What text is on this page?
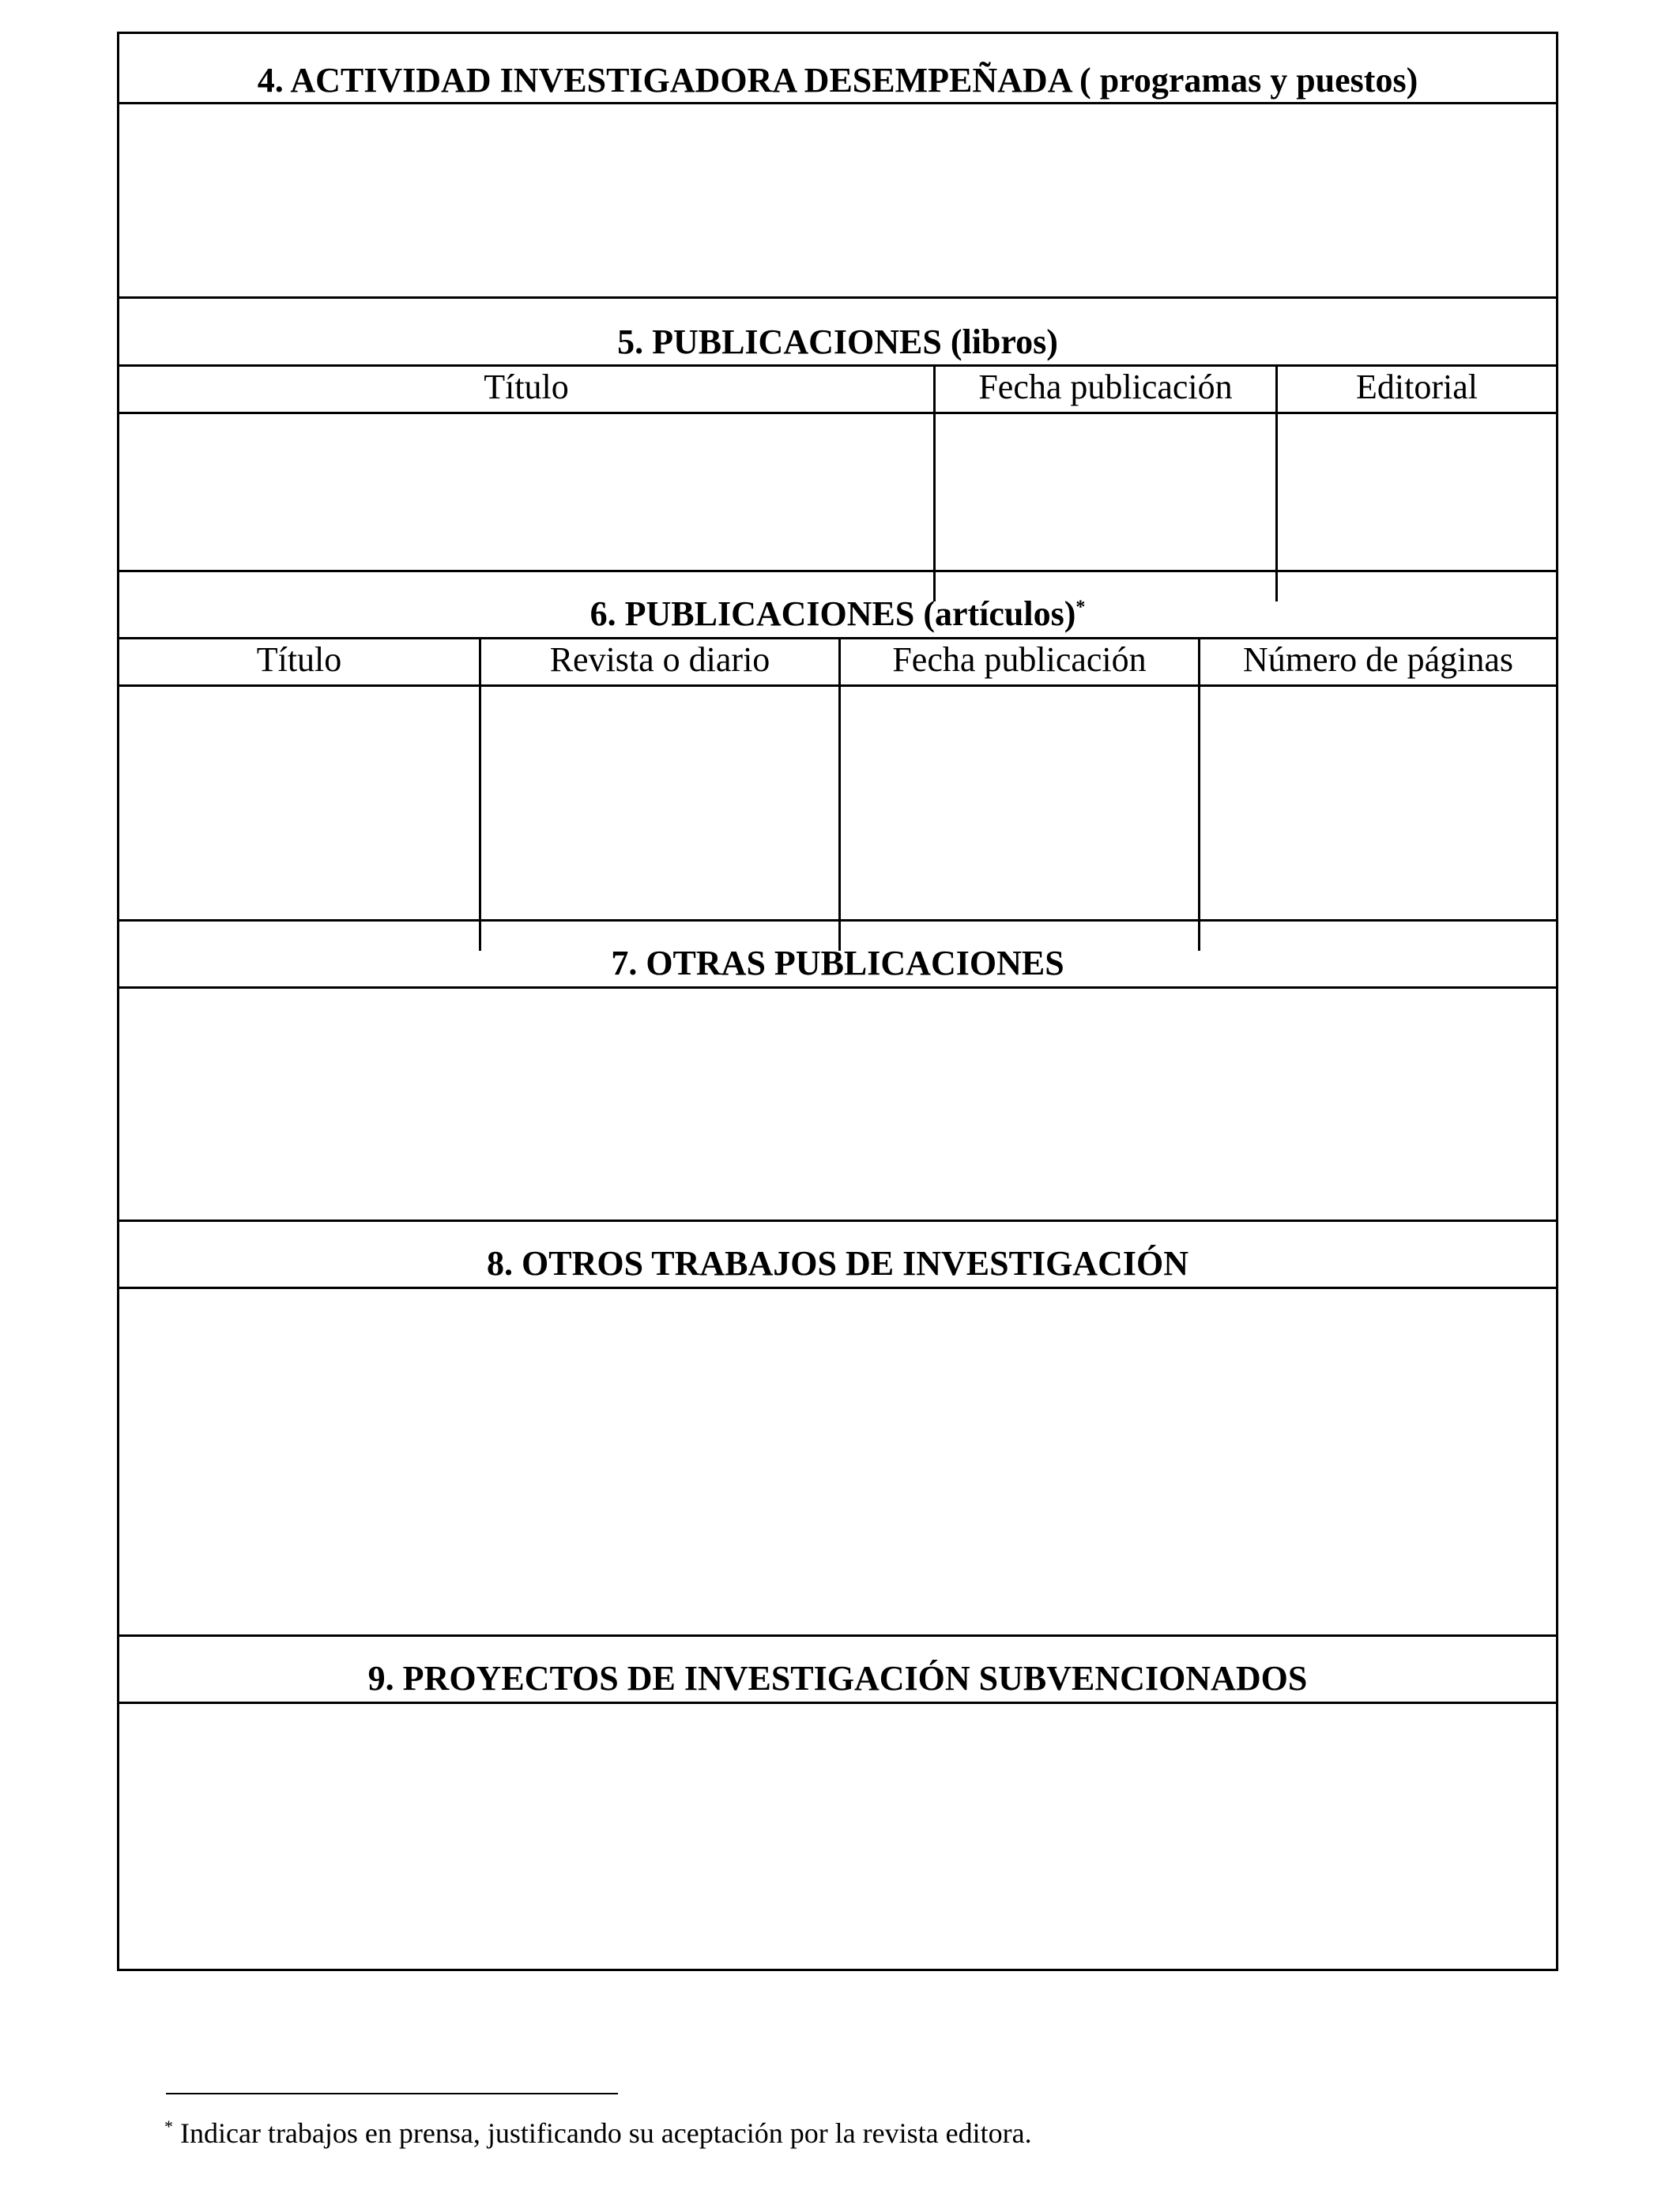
4. ACTIVIDAD INVESTIGADORA DESEMPEÑADA ( programas y puestos)
5. PUBLICACIONES (libros)
Título	Fecha publicación	Editorial
6. PUBLICACIONES (artículos)*
Título	Revista o diario	Fecha publicación	Número de páginas
7. OTRAS PUBLICACIONES
8. OTROS TRABAJOS DE INVESTIGACIÓN
9. PROYECTOS DE INVESTIGACIÓN SUBVENCIONADOS
* Indicar trabajos en prensa, justificando su aceptación por la revista editora.
